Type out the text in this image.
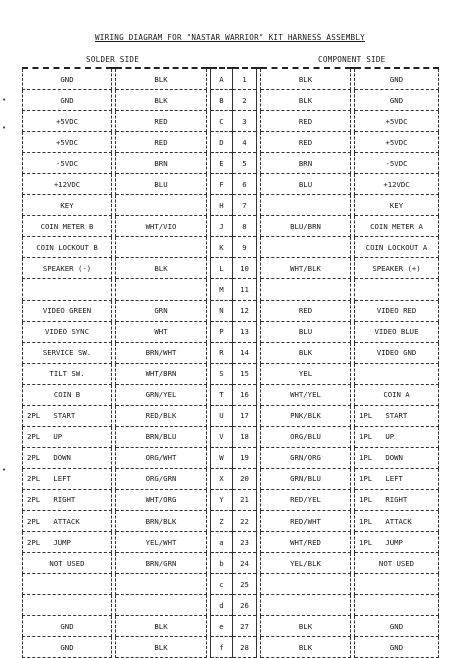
WIRING DIAGRAM FOR "NASTAR WARRIOR" KIT HARNESS ASSEMBLY
SOLDER SIDE	COMPONENT SIDE
•
•
•
GND		BLK		A	1		BLK		GND
GND		BLK		B	2		BLK		GND
+5VDC		RED		C	3		RED		+5VDC
+5VDC		RED		D	4		RED		+5VDC
-5VDC		BRN		E	5		BRN		-5VDC
+12VDC		BLU		F	6		BLU		+12VDC
KEY				H	7				KEY
COIN METER B		WHT/VIO		J	8		BLU/BRN		COIN METER A
COIN LOCKOUT B				K	9				COIN LOCKOUT A
SPEAKER (-)		BLK		L	10		WHT/BLK		SPEAKER (+)
				M	11				
VIDEO GREEN		GRN		N	12		RED		VIDEO RED
VIDEO SYNC		WHT		P	13		BLU		VIDEO BLUE
SERVICE SW.		BRN/WHT		R	14		BLK		VIDEO GND
TILT SW.		WHT/BRN		S	15		YEL		
COIN B		GRN/YEL		T	16		WHT/YEL		COIN A
2PL   START		RED/BLK		U	17		PNK/BLK		1PL   START
2PL   UP		BRN/BLU		V	18		ORG/BLU		1PL   UP
2PL   DOWN		ORG/WHT		W	19		GRN/ORG		1PL   DOWN
2PL   LEFT		ORG/GRN		X	20		GRN/BLU		1PL   LEFT
2PL   RIGHT		WHT/ORG		Y	21		RED/YEL		1PL   RIGHT
2PL   ATTACK		BRN/BLK		Z	22		RED/WHT		1PL   ATTACK
2PL   JUMP		YEL/WHT		a	23		WHT/RED		1PL   JUMP
NOT USED		BRN/GRN		b	24		YEL/BLK		NOT USED
				c	25				
				d	26				
GND		BLK		e	27		BLK		GND
GND		BLK		f	28		BLK		GND
